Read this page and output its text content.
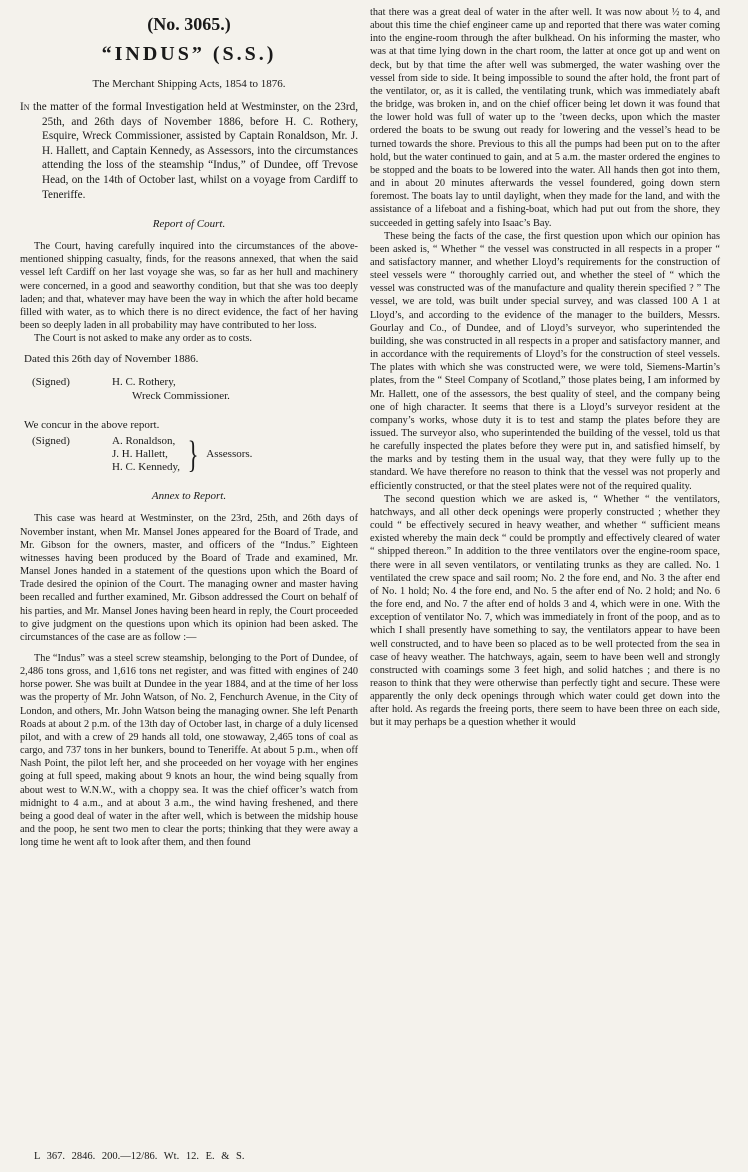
(No. 3065.)
“INDUS” (S.S.)
The Merchant Shipping Acts, 1854 to 1876.

In the matter of the formal Investigation held at Westminster, on the 23rd, 25th, and 26th days of November 1886, before H. C. Rothery, Esquire, Wreck Commissioner, assisted by Captain Ronaldson, Mr. J. H. Hallett, and Captain Kennedy, as Assessors, into the circumstances attending the loss of the steamship “Indus,” of Dundee, off Trevose Head, on the 14th of October last, whilst on a voyage from Cardiff to Teneriffe.

Report of Court.

The Court, having carefully inquired into the circumstances of the above-mentioned shipping casualty, finds, for the reasons annexed, that when the said vessel left Cardiff on her last voyage she was, so far as her hull and machinery were concerned, in a good and seaworthy condition, but that she was too deeply laden; and that, whatever may have been the way in which the after hold became filled with water, as to which there is no direct evidence, the fact of her having been so deeply laden in all probability may have contributed to her loss.

The Court is not asked to make any order as to costs.

Dated this 26th day of November 1886.
(Signed)	H. C. Rothery,
Wreck Commissioner.
We concur in the above report.
(Signed)	A. Ronaldson,
J. H. Hallett,
H. C. Kennedy, } Assessors.
Annex to Report.

This case was heard at Westminster, on the 23rd, 25th, and 26th days of November instant, when Mr. Mansel Jones appeared for the Board of Trade, and Mr. Gibson for the owners, master, and officers of the “Indus.” Eighteen witnesses having been produced by the Board of Trade and examined, Mr. Mansel Jones handed in a statement of the questions upon which the Board of Trade desired the opinion of the Court. The managing owner and master having been recalled and further examined, Mr. Gibson addressed the Court on behalf of his parties, and Mr. Mansel Jones having been heard in reply, the Court proceeded to give judgment on the questions upon which its opinion had been asked. The circumstances of the case are as follow :—

The “Indus” was a steel screw steamship, belonging to the Port of Dundee, of 2,486 tons gross, and 1,616 tons net register, and was fitted with engines of 240 horse power. She was built at Dundee in the year 1884, and at the time of her loss was the property of Mr. John Watson, of No. 2, Fenchurch Avenue, in the City of London, and others, Mr. John Watson being the managing owner. She left Penarth Roads at about 2 p.m. of the 13th day of October last, in charge of a duly licensed pilot, and with a crew of 29 hands all told, one stowaway, 2,465 tons of coal as cargo, and 737 tons in her bunkers, bound to Teneriffe. At about 5 p.m., when off Nash Point, the pilot left her, and she proceeded on her voyage with her engines going at full speed, making about 9 knots an hour, the wind being squally from about west to W.N.W., with a choppy sea. It was the chief officer’s watch from midnight to 4 a.m., and at about 3 a.m., the wind having freshened, and there being a good deal of water in the after well, which is between the midship house and the poop, he sent two men to clear the ports; thinking that they were away a long time he went aft to look after them, and then found

that there was a great deal of water in the after well. It was now about ½ to 4, and about this time the chief engineer came up and reported that there was water coming into the engine-room through the after bulkhead. On his informing the master, who was at that time lying down in the chart room, the latter at once got up and went on deck, but by that time the after well was submerged, the water washing over the vessel from side to side. It being impossible to sound the after hold, the front part of the ventilator, or, as it is called, the ventilating trunk, which was immediately abaft the bridge, was broken in, and on the chief officer being let down it was found that the lower hold was full of water up to the ’tween decks, upon which the master ordered the boats to be swung out ready for lowering and the vessel’s head to be turned towards the shore. Previous to this all the pumps had been put on to the after hold, but the water continued to gain, and at 5 a.m. the master ordered the engines to be stopped and the boats to be lowered into the water. All hands then got into them, and in about 20 minutes afterwards the vessel foundered, going down stern foremost. The boats lay to until daylight, when they made for the land, and with the assistance of a lifeboat and a fishing-boat, which had put out from the shore, they succeeded in getting safely into Isaac’s Bay.

These being the facts of the case, the first question upon which our opinion has been asked is, “ Whether “ the vessel was constructed in all respects in a proper “ and satisfactory manner, and whether Lloyd’s requirements for the construction of steel vessels were “ thoroughly carried out, and whether the steel of “ which the vessel was constructed was of the manufacture and quality therein specified ? ” The vessel, we are told, was built under special survey, and was classed 100 A 1 at Lloyd’s, and according to the evidence of the manager to the builders, Messrs. Gourlay and Co., of Dundee, and of Lloyd’s surveyor, who superintended the building, she was constructed in all respects in a proper and satisfactory manner, and in accordance with the requirements of Lloyd’s for the construction of steel vessels. The plates with which she was constructed were, we were told, Siemens-Martin’s plates, from the “ Steel Company of Scotland,” those plates being, I am informed by Mr. Hallett, one of the assessors, the best quality of steel, and the company being one of high character. It seems that there is a Lloyd’s surveyor resident at the company’s works, whose duty it is to test and stamp the plates before they are issued. The surveyor also, who superintended the building of the vessel, told us that he carefully inspected the plates before they were put in, and satisfied himself, by the marks and by testing them in the usual way, that they were fully up to the standard. We have therefore no reason to think that the vessel was not properly and efficiently constructed, or that the steel plates were not of the required quality.

The second question which we are asked is, “ Whether “ the ventilators, hatchways, and all other deck openings were properly constructed ; whether they could “ be effectively secured in heavy weather, and whether “ sufficient means existed whereby the main deck “ could be promptly and effectively cleared of water “ shipped thereon.” In addition to the three ventilators over the engine-room space, there were in all seven ventilators, or ventilating trunks as they are called. No. 1 ventilated the crew space and sail room; No. 2 the fore end, and No. 3 the after end of No. 1 hold; No. 4 the fore end, and No. 5 the after end of No. 2 hold; and No. 6 the fore end, and No. 7 the after end of holds 3 and 4, which were in one. With the exception of ventilator No. 7, which was immediately in front of the poop, and as to which I shall presently have something to say, the ventilators appear to have been well constructed, and to have been so placed as to be well protected from the sea in case of heavy weather. The hatchways, again, seem to have been well and strongly constructed with coamings some 3 feet high, and solid hatches ; and there is no reason to think that they were otherwise than perfectly tight and secure. These were apparently the only deck openings through which water could get down into the after hold. As regards the freeing ports, there seem to have been three on each side, but it may perhaps be a question whether it would

L 367. 2846. 200.—12/86. Wt. 12. E. & S.
